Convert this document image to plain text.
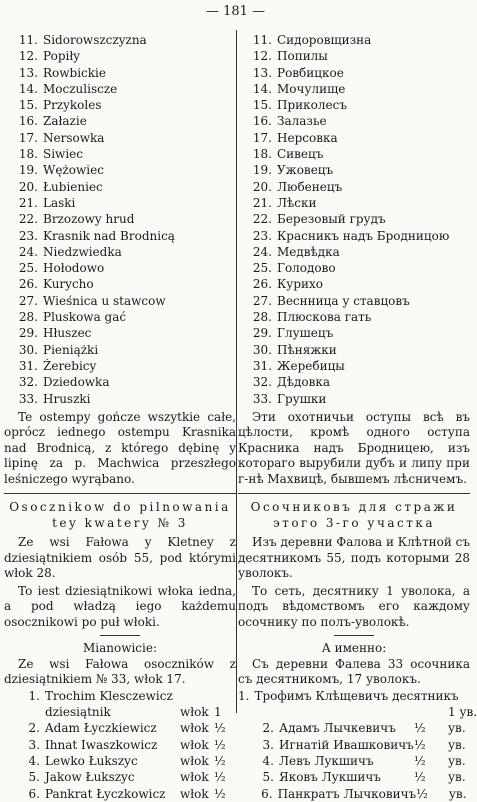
— 181 —
11. Sidorowszczyzna
12. Popiły
13. Rowbickie
14. Moczuliscze
15. Przykoles
16. Załazie
17. Nersowka
18. Siwiec
19. Wężowiec
20. Łubieniec
21. Laski
22. Brzozowy hrud
23. Krasnik nad Brodnicą
24. Niedzwiedka
25. Hołodowo
26. Kurycho
27. Wieśnica u stawcow
28. Pluskowa gać
29. Hłuszec
30. Pieniążki
31. Żerebicy
32. Dziedowka
33. Hruszki

Te ostempy gończe wszytkie całe, oprócz iednego ostempu Krasnika nad Brodnicą, z którego dębinę y lipinę za p. Machwica przeszłego leśniczego wyrąbano.

Osocznikow do pilnowania tey kwatery № 3

Ze wsi Fałowa y Kletney z dziesiątnikiem osób 55, pod którymi włok 28.

To iest dziesiątnikowi włoka iedna, a pod władzą iego każdemu osocznikowi po puł włoki.

Mianowicie:

Ze wsi Fałowa osoczników z dziesiątnikiem № 33, włok 17.

1. Trochim Klesczewicz
dziesiątnik	włok 1
2. Adam Łyczkiewicz	włok ½
3. Ihnat Iwaszkowicz	włok ½
4. Lewko Łukszyc	włok ½
5. Jakow Łukszyc	włok ½
6. Pankrat Łyczkowicz	włok ½
11. Сидоровщизна
12. Попилы
13. Ровбицкое
14. Мочулище
15. Приколесъ
16. Залазье
17. Нерсовка
18. Сивецъ
19. Ужовецъ
20. Любенецъ
21. Лѣски
22. Березовый грудъ
23. Красникъ надъ Бродницою
24. Медвѣдка
25. Голодово
26. Курихо
27. Веснница у ставцовъ
28. Плюскова гать
29. Глушецъ
30. Пѣняжки
31. Жеребицы
32. Дѣдовка
33. Грушки

Эти охотничьи оступы всѣ въ цѣлости, кромѣ одного оступа Красника надъ Бродницею, изъ котораго вырубили дубъ и липу при г-нѣ Махвицѣ, бывшемъ лѣсничемъ.

Осочниковъ для стражи этого 3-го участка

Изъ деревни Фалова и Клѣтной съ десятникомъ 55, подъ которыми 28 уволокъ.

То сеть, десятнику 1 уволока, а подъ вѣдомствомъ его каждому осочнику по полъ-уволокѣ.

А именно:

Съ деревни Фалева 33 осочника съ десятникомъ, 17 уволокъ.

1. Трофимъ Клѣщевичъ десятникъ
1 ув.
2. Адамъ Лычкевичъ	½	ув.
3. Игнатій Ивашковичъ ½	ув.
4. Левъ Лукшичъ	½	ув.
5. Яковъ Лукшичъ	½	ув.
6. Панкратъ Лычковичъ ½	ув.
